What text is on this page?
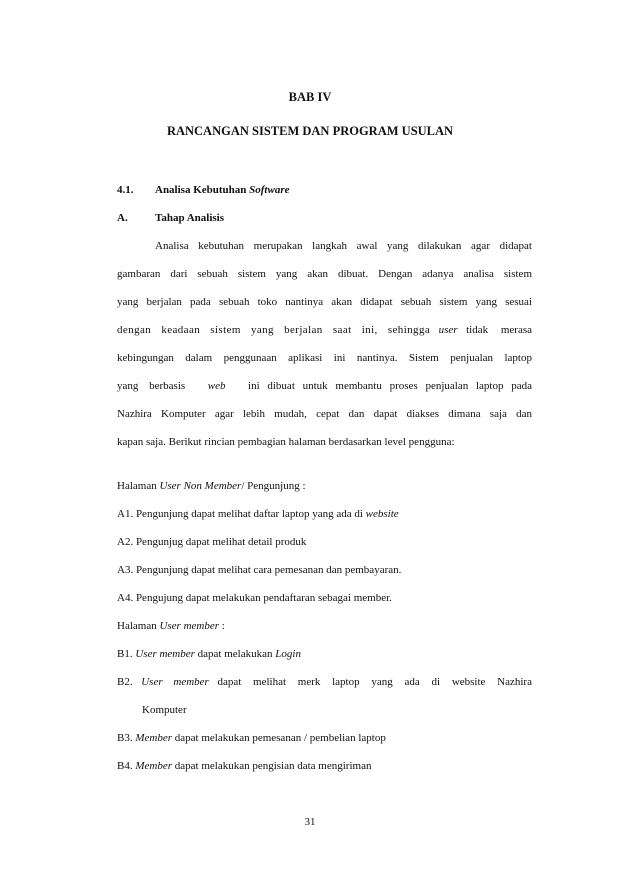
BAB IV
RANCANGAN SISTEM DAN PROGRAM USULAN
4.1. Analisa Kebutuhan Software
A. Tahap Analisis
Analisa kebutuhan merupakan langkah awal yang dilakukan agar didapat
gambaran dari sebuah sistem yang akan dibuat. Dengan adanya analisa sistem
yang berjalan pada sebuah toko nantinya akan didapat sebuah sistem yang sesuai
dengan keadaan sistem yang berjalan saat ini, sehingga user tidak merasa
kebingungan dalam penggunaan aplikasi ini nantinya. Sistem penjualan laptop
yang berbasis web ini dibuat untuk membantu proses penjualan laptop pada
Nazhira Komputer agar lebih mudah, cepat dan dapat diakses dimana saja dan
kapan saja. Berikut rincian pembagian halaman berdasarkan level pengguna:
Halaman User Non Member/ Pengunjung :
A1. Pengunjung dapat melihat daftar laptop yang ada di website
A2. Pengunjug dapat melihat detail produk
A3. Pengunjung dapat melihat cara pemesanan dan pembayaran.
A4. Pengujung dapat melakukan pendaftaran sebagai member.
Halaman User member :
B1. User member dapat melakukan Login
B2. User member dapat melihat merk laptop yang ada di website Nazhira
Komputer
B3. Member dapat melakukan pemesanan / pembelian laptop
B4. Member dapat melakukan pengisian data mengiriman
31
